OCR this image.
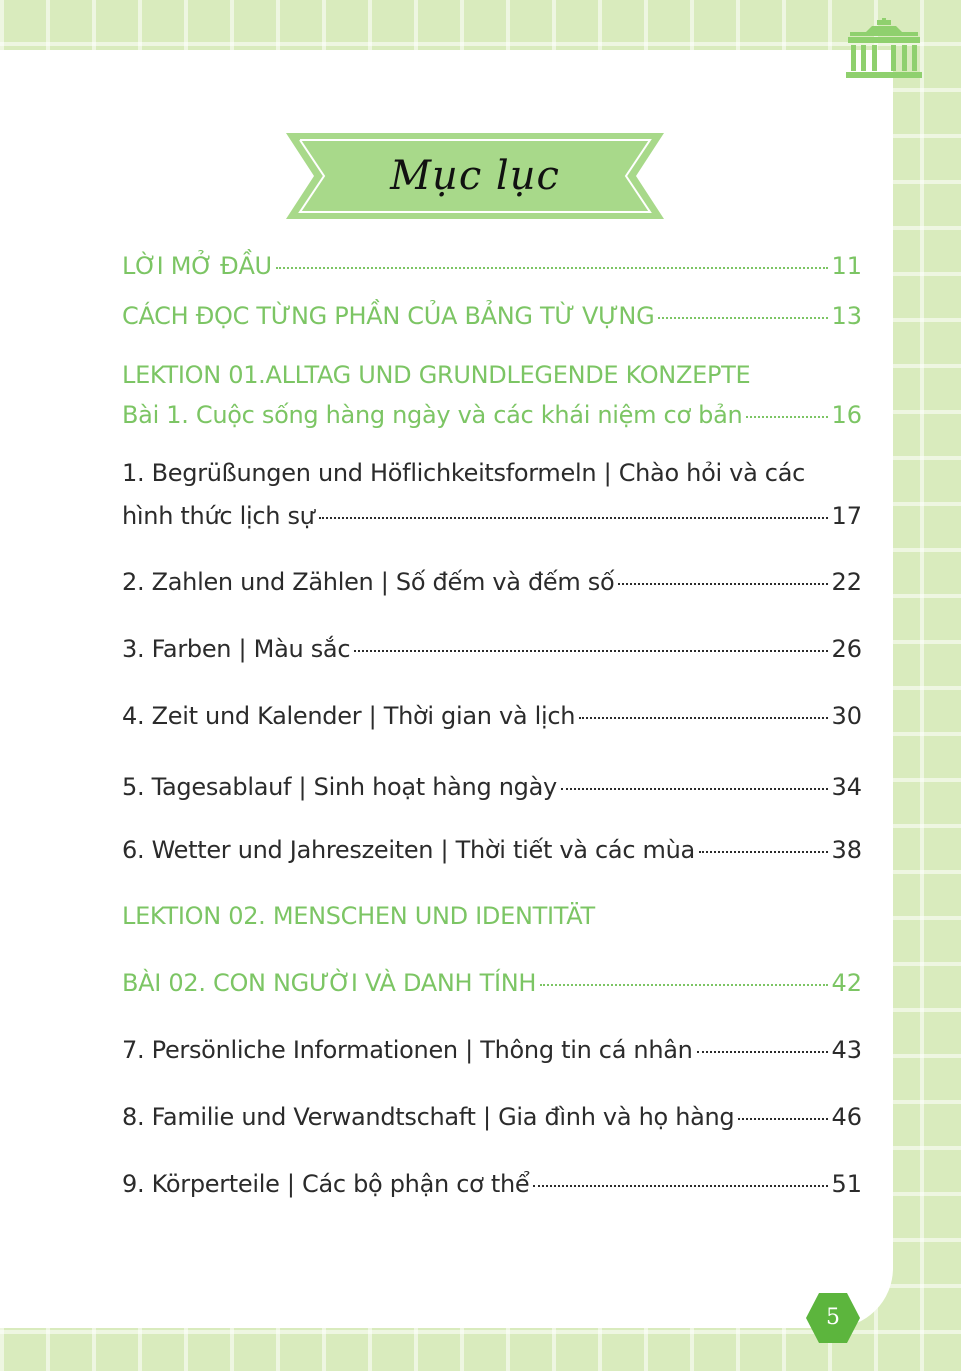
Mục lục
LỜI MỞ ĐẦU	11
CÁCH ĐỌC TỪNG PHẦN CỦA BẢNG TỪ VỰNG	13
LEKTION 01.ALLTAG UND GRUNDLEGENDE KONZEPTE
Bài 1. Cuộc sống hàng ngày và các khái niệm cơ bản	16
1. Begrüßungen und Höflichkeitsformeln | Chào hỏi và các
hình thức lịch sự	17
2. Zahlen und Zählen | Số đếm và đếm số	22
3. Farben | Màu sắc	26
4. Zeit und Kalender | Thời gian và lịch	30
5. Tagesablauf | Sinh hoạt hàng ngày	34
6. Wetter und Jahreszeiten | Thời tiết và các mùa	38
LEKTION 02. MENSCHEN UND IDENTITÄT
BÀI 02. CON NGƯỜI VÀ DANH TÍNH	42
7. Persönliche Informationen | Thông tin cá nhân	43
8. Familie und Verwandtschaft | Gia đình và họ hàng	46
9. Körperteile | Các bộ phận cơ thể	51
5
